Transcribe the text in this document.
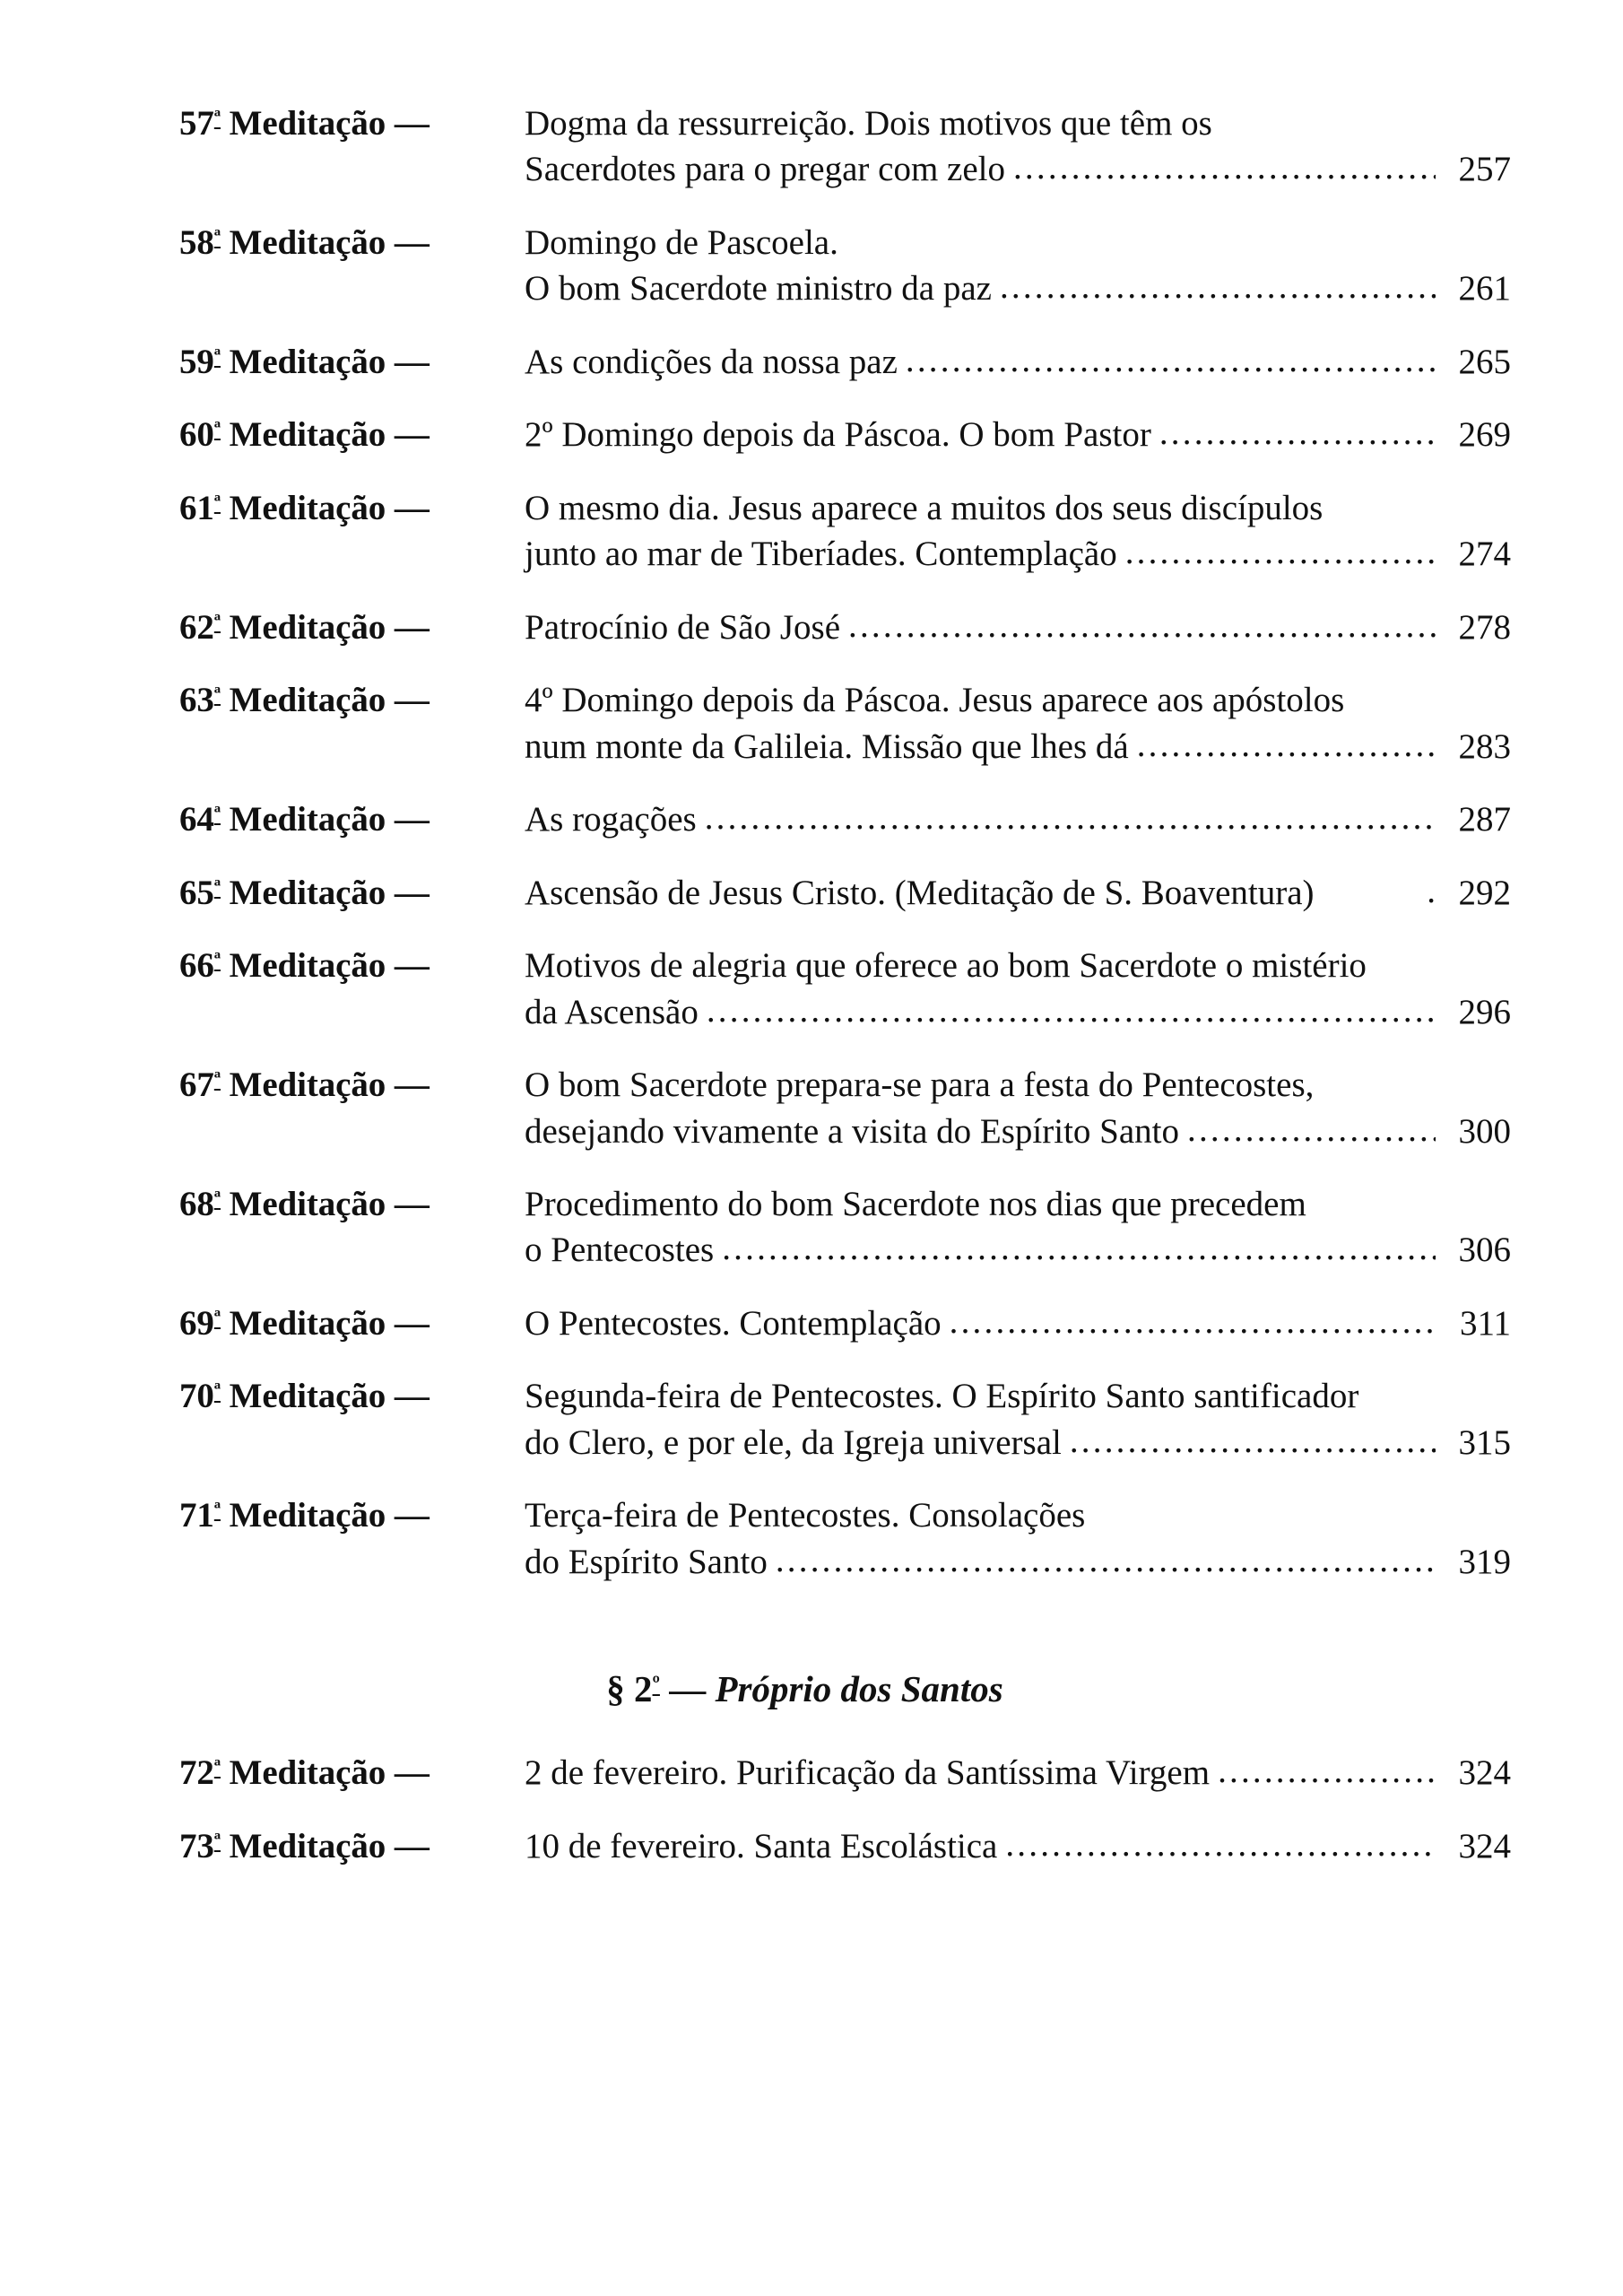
$57^ª$ Meditação —	Dogma da ressurreição. Dois motivos que têm os

Sacerdotes para o pregar com zelo .....	257
$58^ª$ Meditação —	Domingo de Pascoela.

O bom Sacerdote ministro da paz .....	261
$59^ª$ Meditação —	As condições da nossa paz .....	265
$60^ª$ Meditação —	2º Domingo depois da Páscoa. O bom Pastor .....	269
$61^ª$ Meditação —	O mesmo dia. Jesus aparece a muitos dos seus discípulos

junto ao mar de Tiberíades. Contemplação .....	274
$62^ª$ Meditação —	Patrocínio de São José .....	278
$63^ª$ Meditação —	4º Domingo depois da Páscoa. Jesus aparece aos apóstolos

num monte da Galileia. Missão que lhes dá .....	283
$64^ª$ Meditação —	As rogações .....	287
$65^ª$ Meditação —	Ascensão de Jesus Cristo. (Meditação de S. Boaventura) .	292
$66^ª$ Meditação —	Motivos de alegria que oferece ao bom Sacerdote o mistério

da Ascensão .....	296
$67^ª$ Meditação —	O bom Sacerdote prepara-se para a festa do Pentecostes,

desejando vivamente a visita do Espírito Santo .....	300
$68^ª$ Meditação —	Procedimento do bom Sacerdote nos dias que precedem

o Pentecostes .....	306
$69^ª$ Meditação —	O Pentecostes. Contemplação .....	311
$70^ª$ Meditação —	Segunda-feira de Pentecostes. O Espírito Santo santificador

do Clero, e por ele, da Igreja universal .....	315
$71^ª$ Meditação —	Terça-feira de Pentecostes. Consolações

do Espírito Santo .....	319
§ $2^º$ — Próprio dos Santos
$72^ª$ Meditação —	2 de fevereiro. Purificação da Santíssima Virgem .....	324
$73^ª$ Meditação —	10 de fevereiro. Santa Escolástica .....	324
